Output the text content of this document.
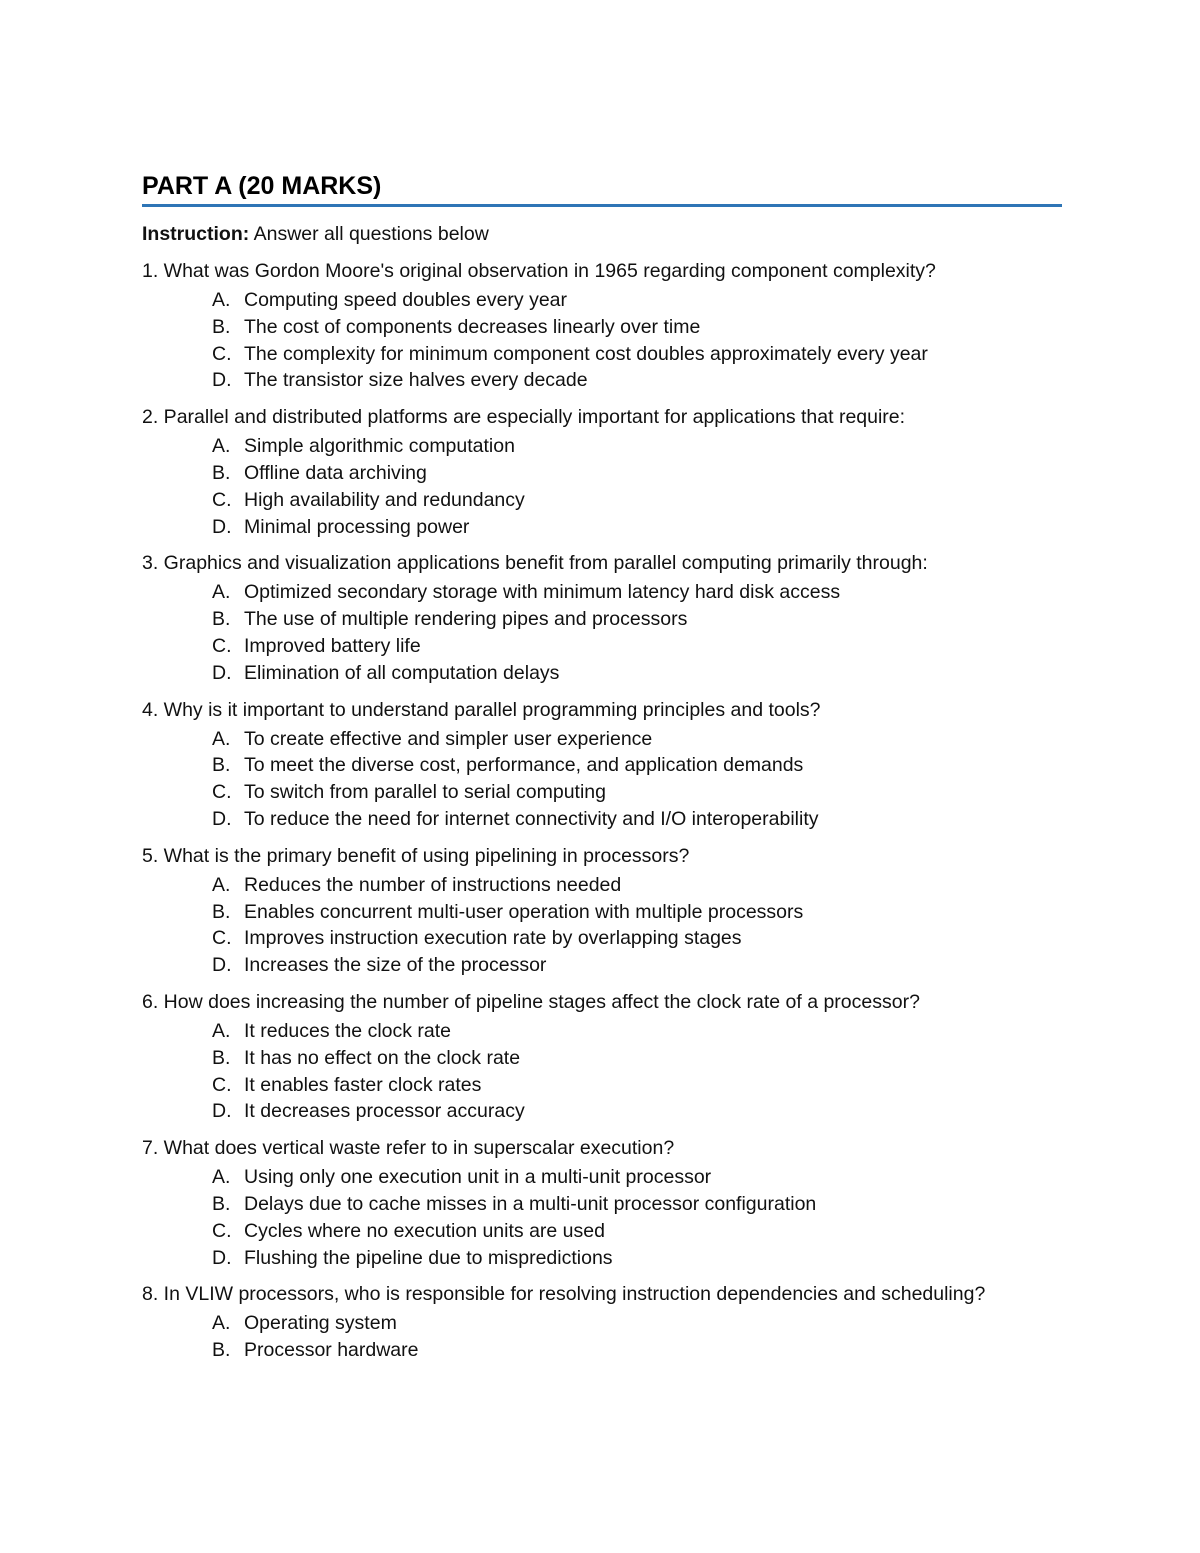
PART A (20 MARKS)

Instruction: Answer all questions below

1. What was Gordon Moore's original observation in 1965 regarding component complexity?

A. Computing speed doubles every year
B. The cost of components decreases linearly over time
C. The complexity for minimum component cost doubles approximately every year
D. The transistor size halves every decade

2. Parallel and distributed platforms are especially important for applications that require:

A. Simple algorithmic computation
B. Offline data archiving
C. High availability and redundancy
D. Minimal processing power

3. Graphics and visualization applications benefit from parallel computing primarily through:

A. Optimized secondary storage with minimum latency hard disk access
B. The use of multiple rendering pipes and processors
C. Improved battery life
D. Elimination of all computation delays

4. Why is it important to understand parallel programming principles and tools?

A. To create effective and simpler user experience
B. To meet the diverse cost, performance, and application demands
C. To switch from parallel to serial computing
D. To reduce the need for internet connectivity and I/O interoperability

5. What is the primary benefit of using pipelining in processors?

A. Reduces the number of instructions needed
B. Enables concurrent multi-user operation with multiple processors
C. Improves instruction execution rate by overlapping stages
D. Increases the size of the processor

6. How does increasing the number of pipeline stages affect the clock rate of a processor?

A. It reduces the clock rate
B. It has no effect on the clock rate
C. It enables faster clock rates
D. It decreases processor accuracy

7. What does vertical waste refer to in superscalar execution?

A. Using only one execution unit in a multi-unit processor
B. Delays due to cache misses in a multi-unit processor configuration
C. Cycles where no execution units are used
D. Flushing the pipeline due to mispredictions

8. In VLIW processors, who is responsible for resolving instruction dependencies and scheduling?

A. Operating system
B. Processor hardware
